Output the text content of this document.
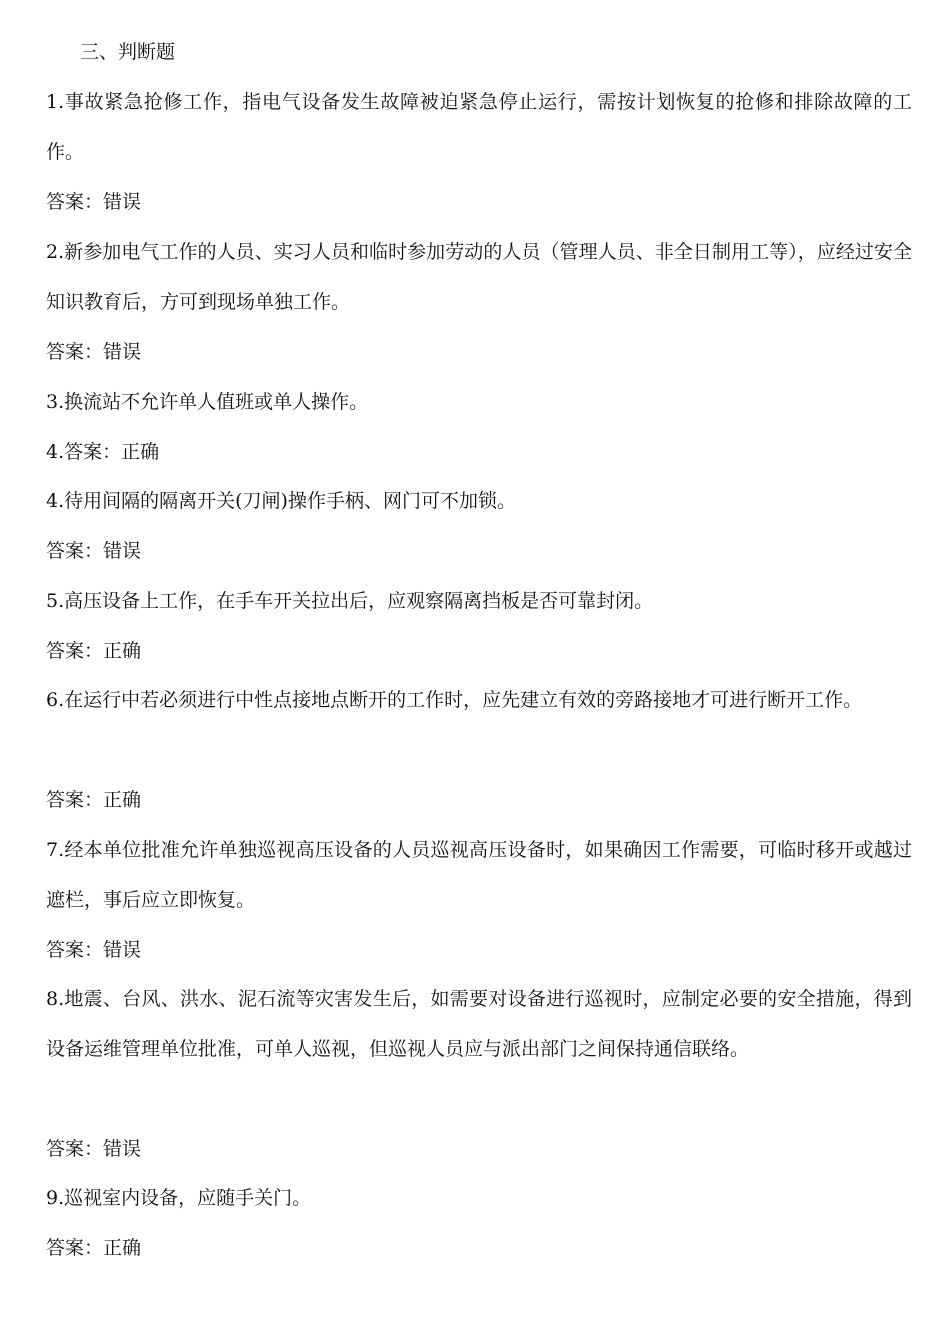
三、判断题

1.事故紧急抢修工作，指电气设备发生故障被迫紧急停止运行，需按计划恢复的抢修和排除故障的工作。

答案：错误

2.新参加电气工作的人员、实习人员和临时参加劳动的人员（管理人员、非全日制用工等），应经过安全知识教育后，方可到现场单独工作。

答案：错误

3.换流站不允许单人值班或单人操作。

4.答案：正确

4.待用间隔的隔离开关(刀闸)操作手柄、网门可不加锁。

答案：错误

5.高压设备上工作，在手车开关拉出后，应观察隔离挡板是否可靠封闭。

答案：正确

6.在运行中若必须进行中性点接地点断开的工作时，应先建立有效的旁路接地才可进行断开工作。

答案：正确

7.经本单位批准允许单独巡视高压设备的人员巡视高压设备时，如果确因工作需要，可临时移开或越过遮栏，事后应立即恢复。

答案：错误

8.地震、台风、洪水、泥石流等灾害发生后，如需要对设备进行巡视时，应制定必要的安全措施，得到设备运维管理单位批准，可单人巡视，但巡视人员应与派出部门之间保持通信联络。

答案：错误

9.巡视室内设备，应随手关门。

答案：正确
